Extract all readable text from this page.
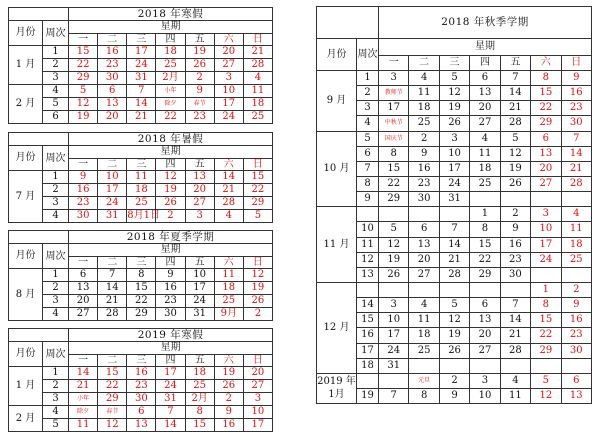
		2018 年寒假						
月份	周次	星期						
		一	二	三	四	五	六	日
1 月	1	15	16	17	18	19	20	21
	2	22	23	24	25	26	27	28
	3	29	30	31	2月	2	3	4
2 月	4	5	6	7	小年	9	10	11
	5	12	13	14	除夕	春节	17	18
	6	19	20	21	22	23	24	25
		2018 年暑假						
月份	周次	星期						
		一	二	三	四	五	六	日
7 月	1	9	10	11	12	13	14	15
	2	16	17	18	19	20	21	22
	3	23	24	25	26	27	28	29
	4	30	31	8月1日	2	3	4	5
		2018 年夏季学期						
月份	周次	星期						
		一	二	三	四	五	六	日
8 月	1	6	7	8	9	10	11	12
	2	13	14	15	16	17	18	19
	3	20	21	22	23	24	25	26
	4	27	28	29	30	31	9月	2
		2019 年寒假						
月份	周次	星期						
		一	二	三	四	五	六	日
1 月	1	14	15	16	17	18	19	20
	2	21	22	23	24	25	26	27
	3	小年	29	30	31	2月	2	3
2 月	4	除夕	春节	6	7	8	9	10
	5	11	12	13	14	15	16	17
		2018 年秋季学期						
月份	周次	星期						
		一	二	三	四	五	六	日
9 月	1	3	4	5	6	7	8	9
	2	教师节	11	12	13	14	15	16
	3	17	18	19	20	21	22	23
	4	中秋节	25	26	27	28	29	30
10 月	5	国庆节	2	3	4	5	6	7
	6	8	9	10	11	12	13	14
	7	15	16	17	18	19	20	21
	8	22	23	24	25	26	27	28
	9	29	30	31				
11 月					1	2	3	4
	10	5	6	7	8	9	10	11
	11	12	13	14	15	16	17	18
	12	19	20	21	22	23	24	25
	13	26	27	28	29	30		
12 月							1	2
	14	3	4	5	6	7	8	9
	15	10	11	12	13	14	15	16
	16	17	18	19	20	21	22	23
	17	24	25	26	27	28	29	30
	18	31						
2019 年1月			元旦	2	3	4	5	6
	19	7	8	9	10	11	12	13
